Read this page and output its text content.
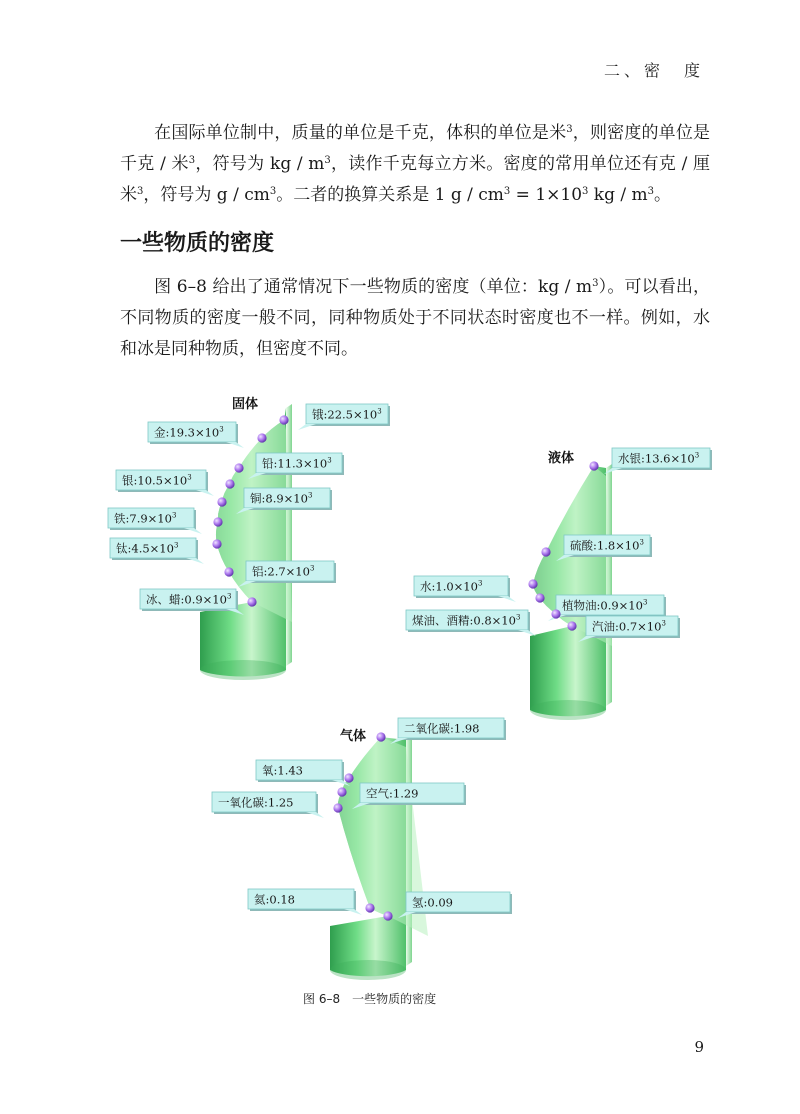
二、密　度
在国际单位制中，质量的单位是千克，体积的单位是米$^3$，则密度的单位是千克 / 米$^3$，符号为 kg / $m^3$，读作千克每立方米。密度的常用单位还有克 / 厘米$^3$，符号为 g / $cm^3$。二者的换算关系是 1 $g / cm^3 = 1\times 10^3$ kg / $m^3$。
一些物质的密度
图 6–8 给出了通常情况下一些物质的密度（单位：kg / $m^3$）。可以看出，不同物质的密度一般不同，同种物质处于不同状态时密度也不一样。例如，水和冰是同种物质，但密度不同。
固体
锇$:22.5\times 10^3$
金$:19.3\times 10^3$
铅$:11.3\times 10^3$
银$:10.5\times 10^3$
铜$:8.9\times 10^3$
铁$:7.9\times 10^3$
钛$:4.5\times 10^3$
铝$:2.7\times 10^3$
冰、蜡$:0.9\times 10^3$
液体	水银$:13.6\times 10^3$
硫酸$:1.8\times 10^3$
水$:1.0\times 10^3$
植物油$:0.9\times 10^3$
煤油、酒精$:0.8\times 10^3$
汽油$:0.7\times 10^3$
气体
二氧化碳:1.98
氧:1.43
空气:1.29
一氧化碳:1.25
氦:0.18	氢:0.09
图 6–8　一些物质的密度
9
